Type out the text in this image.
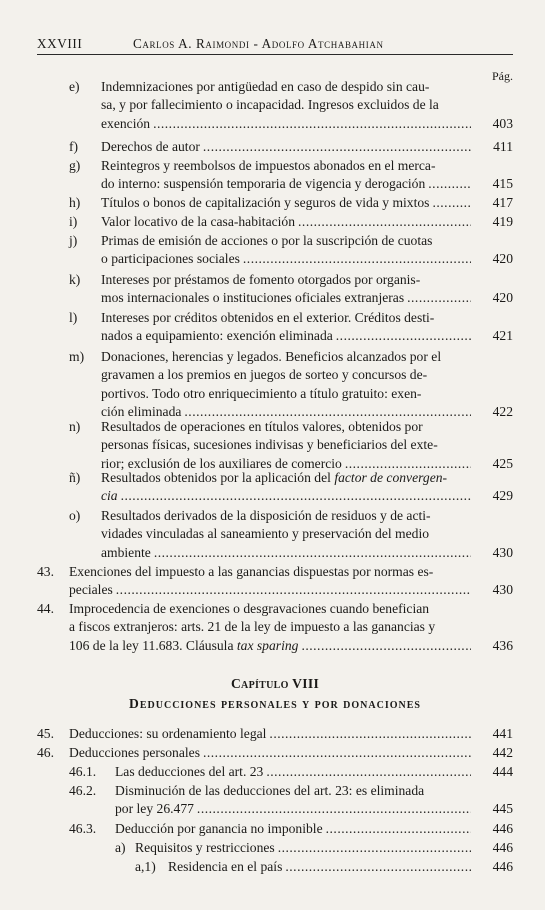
XXVIII	Carlos A. Raimondi - Adolfo Atchabahian
Pág.
e) Indemnizaciones por antigüedad en caso de despido sin cau-
sa, y por fallecimiento o incapacidad. Ingresos excluidos de la
exención .....	403
f) Derechos de autor .....	411
g) Reintegros y reembolsos de impuestos abonados en el merca-
do interno: suspensión temporaria de vigencia y derogación .....	415
h) Títulos o bonos de capitalización y seguros de vida y mixtos .....	417
i) Valor locativo de la casa-habitación .....	419
j) Primas de emisión de acciones o por la suscripción de cuotas
o participaciones sociales .....	420
k) Intereses por préstamos de fomento otorgados por organis-
mos internacionales o instituciones oficiales extranjeras .....	420
l) Intereses por créditos obtenidos en el exterior. Créditos desti-
nados a equipamiento: exención eliminada .....	421
m) Donaciones, herencias y legados. Beneficios alcanzados por el
gravamen a los premios en juegos de sorteo y concursos de-
portivos. Todo otro enriquecimiento a título gratuito: exen-
ción eliminada .....	422
n) Resultados de operaciones en títulos valores, obtenidos por
personas físicas, sucesiones indivisas y beneficiarios del exte-
rior; exclusión de los auxiliares de comercio .....	425
ñ) Resultados obtenidos por la aplicación del factor de convergen-
cia .....	429
o) Resultados derivados de la disposición de residuos y de acti-
vidades vinculadas al saneamiento y preservación del medio
ambiente .....	430
43. Exenciones del impuesto a las ganancias dispuestas por normas es-
peciales .....	430
44. Improcedencia de exenciones o desgravaciones cuando benefician
a fiscos extranjeros: arts. 21 de la ley de impuesto a las ganancias y
106 de la ley 11.683. Cláusula tax sparing .....	436
45. Deducciones: su ordenamiento legal .....	441
46. Deducciones personales .....	442
46.1. Las deducciones del art. 23 .....	444
46.2. Disminución de las deducciones del art. 23: es eliminada
por ley 26.477 .....	445
46.3. Deducción por ganancia no imponible .....	446
a) Requisitos y restricciones .....	446
a,1) Residencia en el país .....	446
Capítulo VIII
Deducciones personales y por donaciones
